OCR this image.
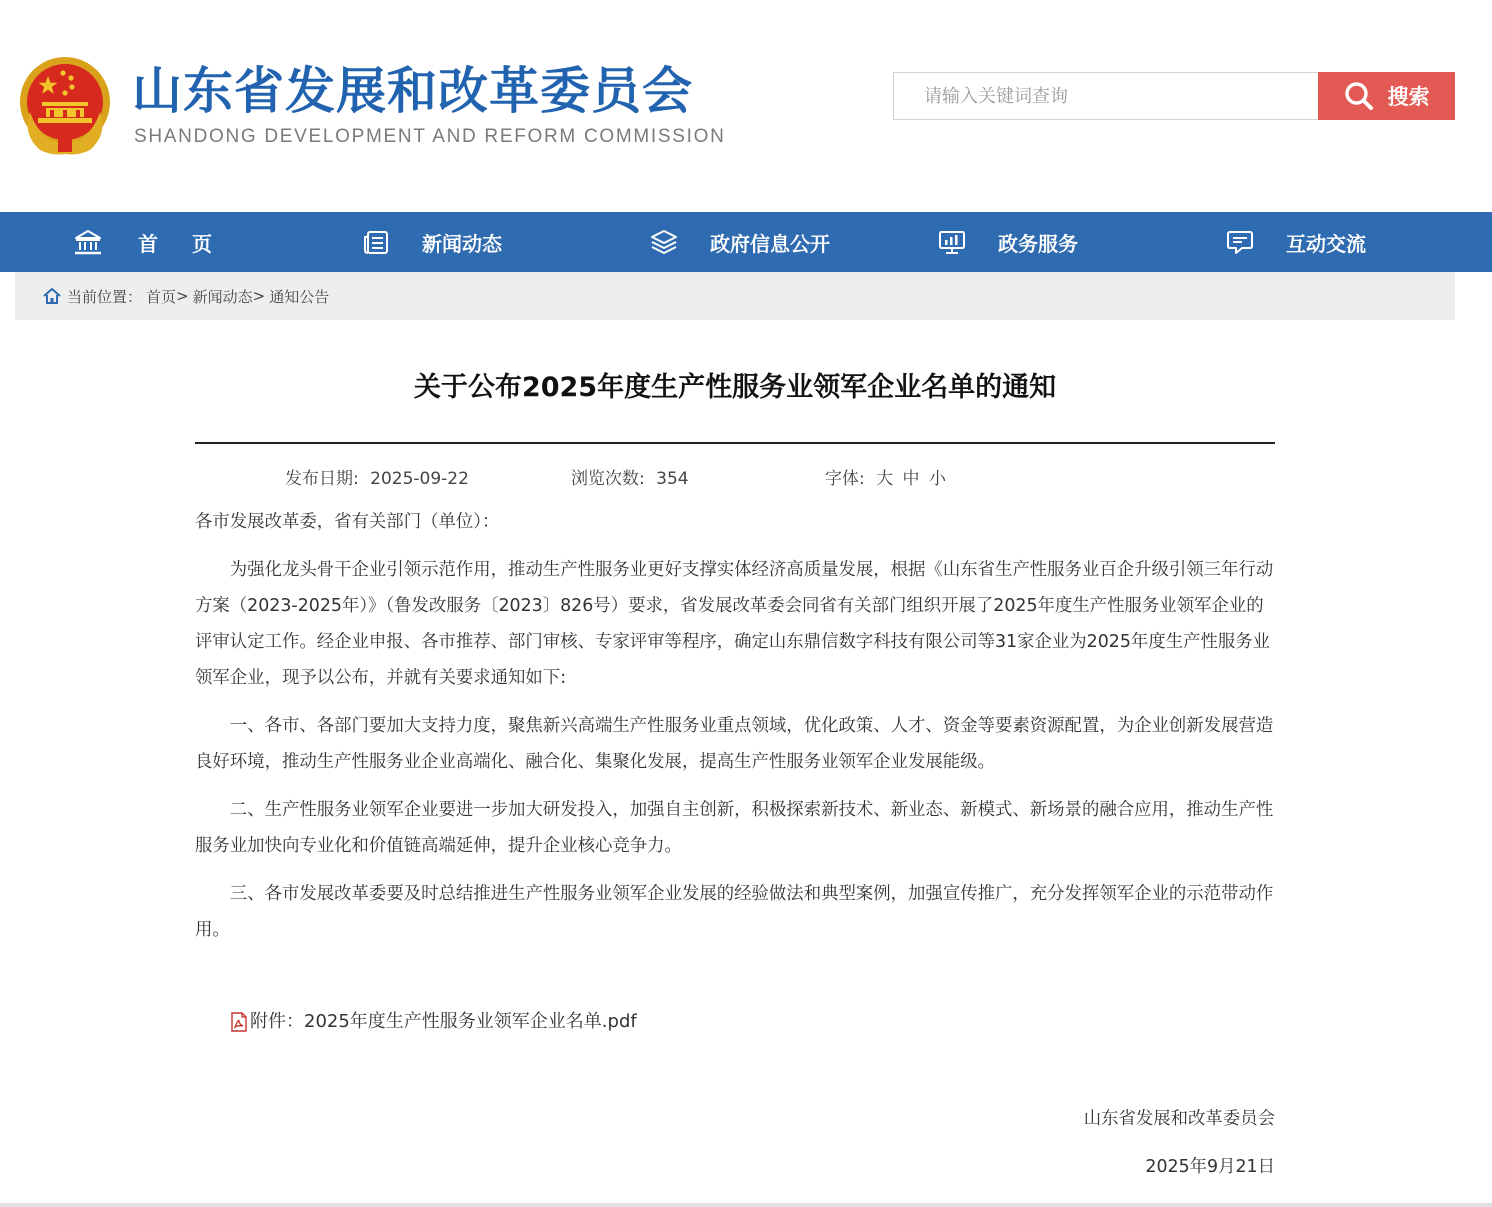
山东省发展和改革委员会
SHANDONG DEVELOPMENT AND REFORM COMMISSION
请输入关键词查询
搜索
首页	新闻动态	政府信息公开	政务服务	互动交流
当前位置： 首页 > 新闻动态 > 通知公告
关于公布2025年度生产性服务业领军企业名单的通知
发布日期: 2025-09-22	浏览次数: 354	字体: 大 中 小

各市发展改革委，省有关部门（单位）：

为强化龙头骨干企业引领示范作用，推动生产性服务业更好支撑实体经济高质量发展，根据《山东省生产性服务业百企升级引领三年行动方案（2023-2025年）》（鲁发改服务〔2023〕826号）要求，省发展改革委会同省有关部门组织开展了2025年度生产性服务业领军企业的评审认定工作。经企业申报、各市推荐、部门审核、专家评审等程序，确定山东鼎信数字科技有限公司等31家企业为2025年度生产性服务业领军企业，现予以公布，并就有关要求通知如下:

一、各市、各部门要加大支持力度，聚焦新兴高端生产性服务业重点领域，优化政策、人才、资金等要素资源配置，为企业创新发展营造良好环境，推动生产性服务业企业高端化、融合化、集聚化发展，提高生产性服务业领军企业发展能级。

二、生产性服务业领军企业要进一步加大研发投入，加强自主创新，积极探索新技术、新业态、新模式、新场景的融合应用，推动生产性服务业加快向专业化和价值链高端延伸，提升企业核心竞争力。

三、各市发展改革委要及时总结推进生产性服务业领军企业发展的经验做法和典型案例，加强宣传推广，充分发挥领军企业的示范带动作用。

附件：2025年度生产性服务业领军企业名单.pdf
山东省发展和改革委员会
2025年9月21日
